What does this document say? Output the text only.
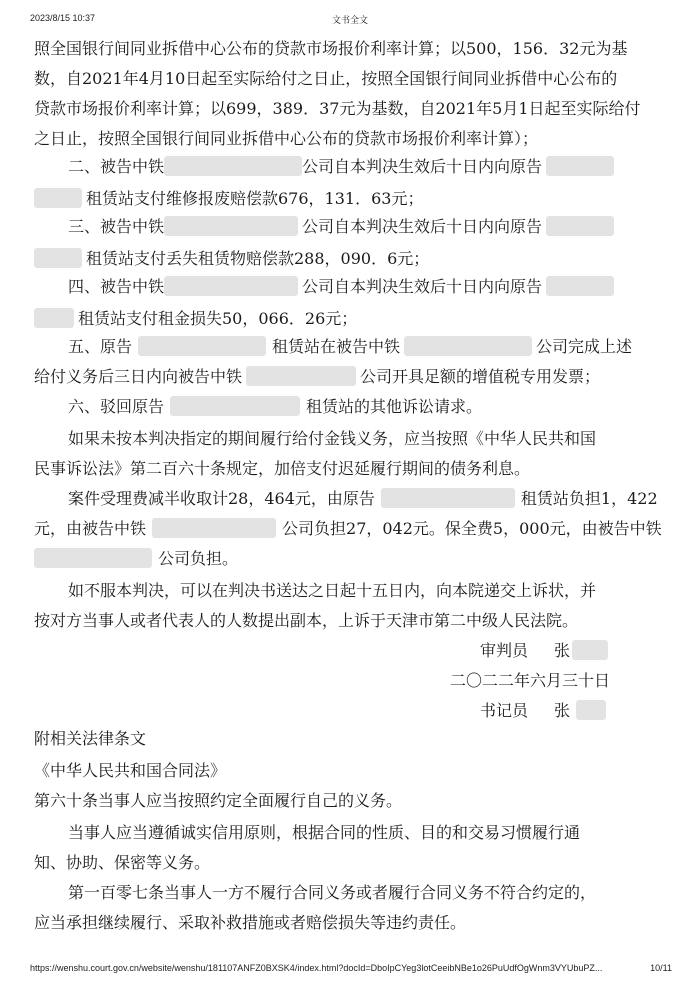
2023/8/15 10:37	文书全文
照全国银行间同业拆借中心公布的贷款市场报价利率计算；以500，156．32元为基
数，自2021年4月10日起至实际给付之日止，按照全国银行间同业拆借中心公布的
贷款市场报价利率计算；以699，389．37元为基数，自2021年5月1日起至实际给付
之日止，按照全国银行间同业拆借中心公布的贷款市场报价利率计算）；
二、被告中铁	公司自本判决生效后十日内向原告
租赁站支付维修报废赔偿款676，131．63元；
三、被告中铁	公司自本判决生效后十日内向原告
租赁站支付丢失租赁物赔偿款288，090．6元；
四、被告中铁	公司自本判决生效后十日内向原告
租赁站支付租金损失50，066．26元；
五、原告	租赁站在被告中铁	公司完成上述
给付义务后三日内向被告中铁	公司开具足额的增值税专用发票；
六、驳回原告	租赁站的其他诉讼请求。
如果未按本判决指定的期间履行给付金钱义务，应当按照《中华人民共和国
民事诉讼法》第二百六十条规定，加倍支付迟延履行期间的债务利息。
案件受理费减半收取计28，464元，由原告	租赁站负担1，422
元，由被告中铁	公司负担27，042元。保全费5，000元，由被告中铁
公司负担。
如不服本判决，可以在判决书送达之日起十五日内，向本院递交上诉状，并
按对方当事人或者代表人的人数提出副本，上诉于天津市第二中级人民法院。
审判员 张
二〇二二年六月三十日
书记员 张
附相关法律条文
《中华人民共和国合同法》
第六十条当事人应当按照约定全面履行自己的义务。
当事人应当遵循诚实信用原则，根据合同的性质、目的和交易习惯履行通
知、协助、保密等义务。
第一百零七条当事人一方不履行合同义务或者履行合同义务不符合约定的，
应当承担继续履行、采取补救措施或者赔偿损失等违约责任。
https://wenshu.court.gov.cn/website/wenshu/181107ANFZ0BXSK4/index.html?docId=DboIpCYeg3lotCeeibNBe1o26PuUdfOgWnm3VYUbuPZ...	10/11
